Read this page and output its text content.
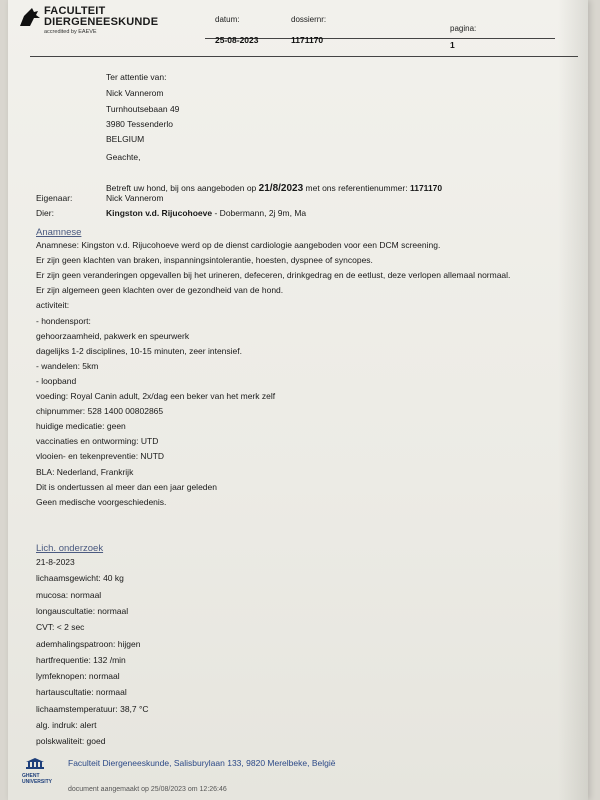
FACULTEIT
DIERGENEESKUNDE
accredited by EAEVE
datum:	dossiernr:
pagina:
25-08-2023	1171170	1
Ter attentie van:
Nick Vannerom
Turnhoutsebaan 49
3980 Tessenderlo
BELGIUM
Geachte,
Betreft uw hond, bij ons aangeboden op 21/8/2023 met ons referentienummer: 1171170
Eigenaar:	Nick Vannerom
Dier:	Kingston v.d. Rijucohoeve - Dobermann, 2j 9m, Ma
Anamnese
Anamnese: Kingston v.d. Rijucohoeve werd op de dienst cardiologie aangeboden voor een DCM screening.
Er zijn geen klachten van braken, inspanningsintolerantie, hoesten, dyspnee of syncopes.
Er zijn geen veranderingen opgevallen bij het urineren, defeceren, drinkgedrag en de eetlust, deze verlopen allemaal normaal.
Er zijn algemeen geen klachten over de gezondheid van de hond.
activiteit:
- hondensport:
gehoorzaamheid, pakwerk en speurwerk
dagelijks 1-2 disciplines, 10-15 minuten, zeer intensief.
- wandelen: 5km
- loopband
voeding: Royal Canin adult, 2x/dag een beker van het merk zelf
chipnummer: 528 1400 00802865
huidige medicatie: geen
vaccinaties en ontworming: UTD
vlooien- en tekenpreventie: NUTD
BLA: Nederland, Frankrijk
Dit is ondertussen al meer dan een jaar geleden
Geen medische voorgeschiedenis.
Lich. onderzoek
21-8-2023
lichaamsgewicht: 40 kg
mucosa: normaal
longauscultatie: normaal
CVT: < 2 sec
ademhalingspatroon: hijgen
hartfrequentie: 132 /min
lymfeknopen: normaal
hartauscultatie: normaal
lichaamstemperatuur: 38,7 °C
alg. indruk: alert
polskwaliteit: goed
GHENT
UNIVERSITY
Faculteit Diergeneeskunde, Salisburylaan 133, 9820 Merelbeke, België
document aangemaakt op 25/08/2023 om 12:26:46
